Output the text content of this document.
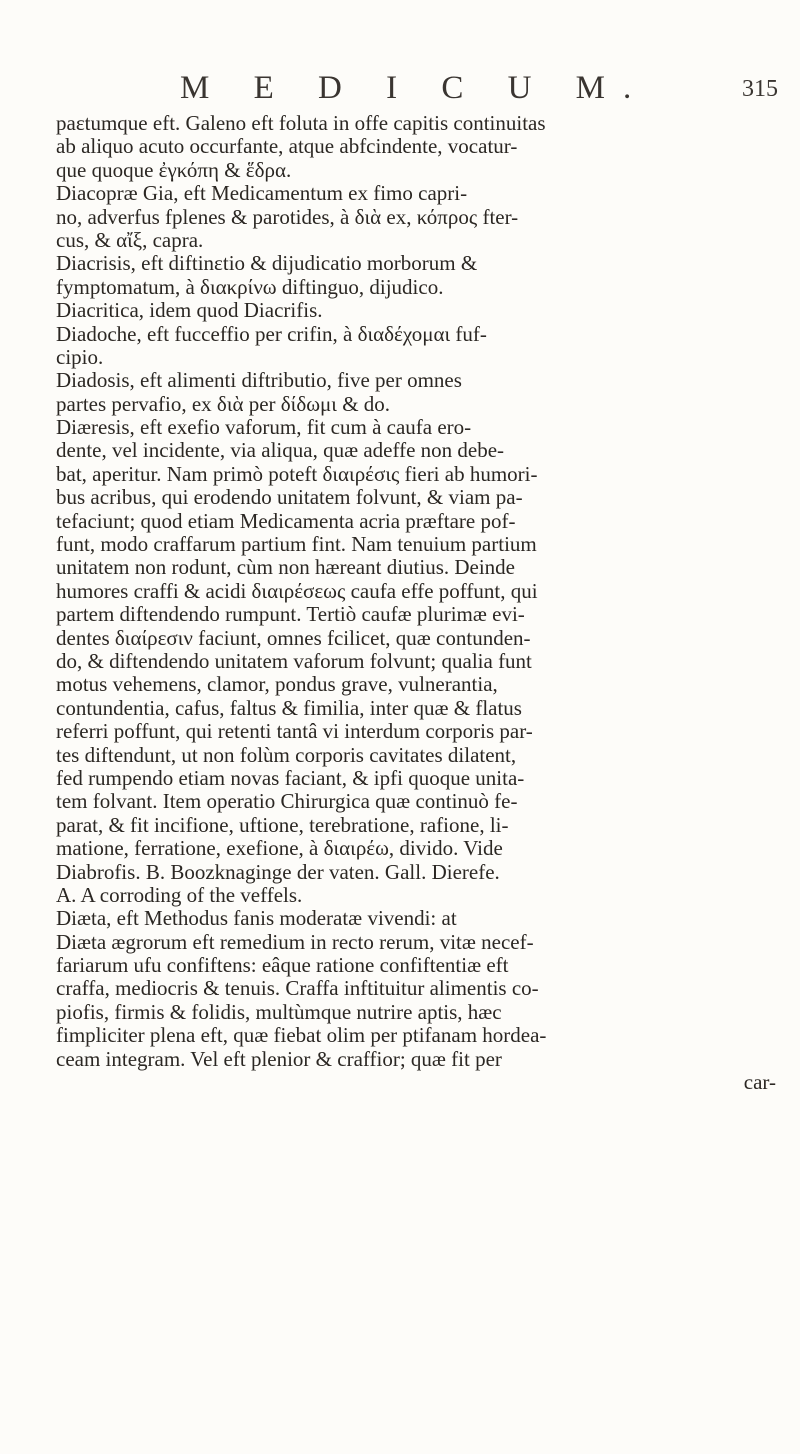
M E D I C U M.	315
paɛtumque eft. Galeno eft foluta in offe capitis continuitas
ab aliquo acuto occurfante, atque abfcindente, vocatur-
que quoque ἐγκόπη & ἕδρα.
Diacopræ Gia, eft Medicamentum ex fimo capri-
no, adverfus fplenes & parotides, à διὰ ex, κόπρος fter-
cus, & αἴξ, capra.
Diacrisis, eft diftinɛtio & dijudicatio morborum &
fymptomatum, à διακρίνω diftinguo, dijudico.
Diacritica, idem quod Diacrifis.
Diadoche, eft fucceffio per crifin, à διαδέχομαι fuf-
cipio.
Diadosis, eft alimenti diftributio, five per omnes
partes pervafio, ex διὰ per δίδωμι & do.
Diæresis, eft exefio vaforum, fit cum à caufa ero-
dente, vel incidente, via aliqua, quæ adeffe non debe-
bat, aperitur. Nam primò poteft διαιρέσις fieri ab humori-
bus acribus, qui erodendo unitatem folvunt, & viam pa-
tefaciunt; quod etiam Medicamenta acria præftare pof-
funt, modo craffarum partium fint. Nam tenuium partium
unitatem non rodunt, cùm non hæreant diutius. Deinde
humores craffi & acidi διαιρέσεως caufa effe poffunt, qui
partem diftendendo rumpunt. Tertiò caufæ plurimæ evi-
dentes διαίρεσιν faciunt, omnes fcilicet, quæ contunden-
do, & diftendendo unitatem vaforum folvunt; qualia funt
motus vehemens, clamor, pondus grave, vulnerantia,
contundentia, cafus, faltus & fimilia, inter quæ & flatus
referri poffunt, qui retenti tantâ vi interdum corporis par-
tes diftendunt, ut non folùm corporis cavitates dilatent,
fed rumpendo etiam novas faciant, & ipfi quoque unita-
tem folvant. Item operatio Chirurgica quæ continuò fe-
parat, & fit incifione, uftione, terebratione, rafione, li-
matione, ferratione, exefione, à διαιρέω, divido. Vide
Diabrofis. B. Boozknaginge der vaten. Gall. Dierefe.
A. A corroding of the veffels.
Diæta, eft Methodus fanis moderatæ vivendi: at
Diæta ægrorum eft remedium in recto rerum, vitæ necef-
fariarum ufu confiftens: eâque ratione confiftentiæ eft
craffa, mediocris & tenuis. Craffa inftituitur alimentis co-
piofis, firmis & folidis, multùmque nutrire aptis, hæc
fimpliciter plena eft, quæ fiebat olim per ptifanam hordea-
ceam integram. Vel eft plenior & craffior; quæ fit per
car-
